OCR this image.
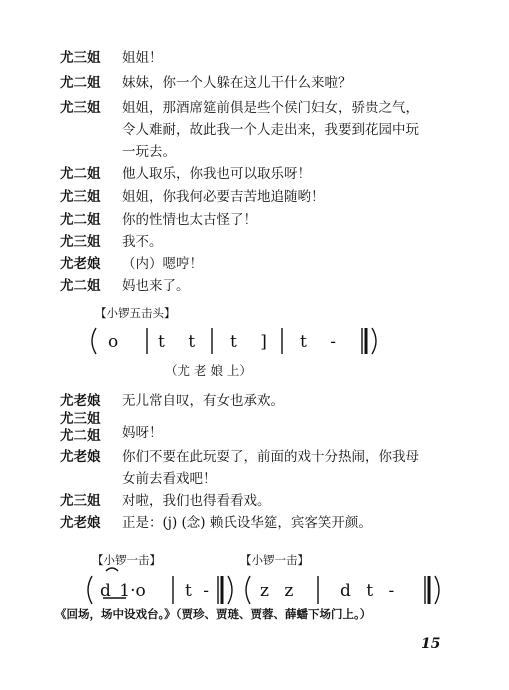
尤三姐 姐姐！
尤二姐 妹妹，你一个人躲在这儿干什么来啦？
尤三姐 姐姐，那酒席筵前俱是些个侯门妇女，骄贵之气，
令人难耐，故此我一个人走出来，我要到花园中玩
一玩去。
尤二姐 他人取乐，你我也可以取乐呀！
尤三姐 姐姐，你我何必要吉苦地追随哟！
尤二姐 你的性情也太古怪了！
尤三姐 我不。
尤老娘 （内）嗯哼！
尤二姐 妈也来了。
【小锣五击头】
o t t t ] t -
（尤 老 娘 上）
尤老娘 无儿常自叹，有女也承欢。
尤三姐
尤二姐 妈呀！
尤老娘 你们不要在此玩耍了，前面的戏十分热闹，你我母
女前去看戏吧！
尤三姐 对啦，我们也得看看戏。
尤老娘 正是：(j) (念) 赖氏设华筵，宾客笑开颜。
【小锣一击】	【小锣一击】
d 1·o t -	z z	d t -
《回场，场中设戏台。》（贾珍、贾琏、贾蓉、薛蟠下场门上。）
15
